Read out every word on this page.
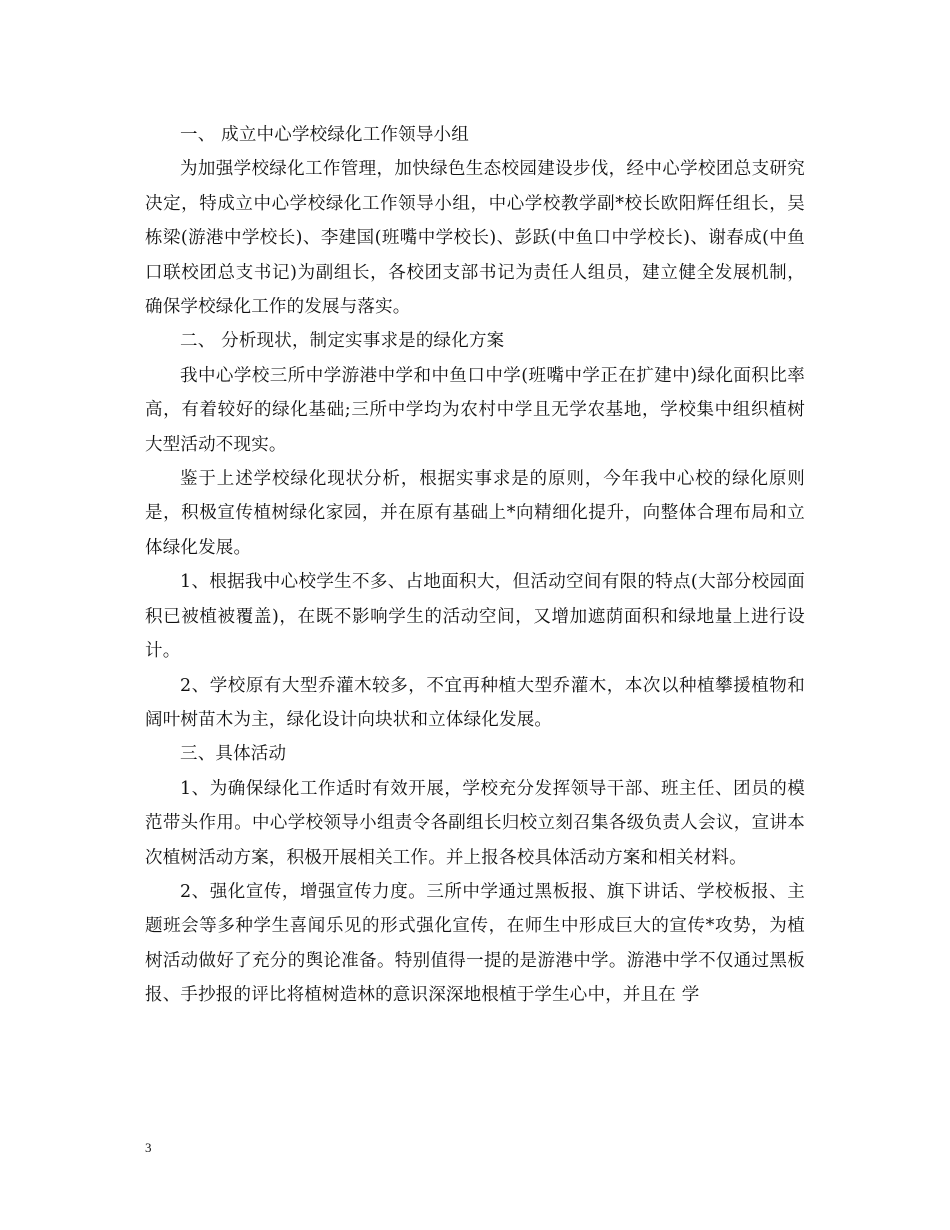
一、 成立中心学校绿化工作领导小组

为加强学校绿化工作管理，加快绿色生态校园建设步伐，经中心学校团总支研究决定，特成立中心学校绿化工作领导小组，中心学校教学副*校长欧阳辉任组长，吴栋梁(游港中学校长)、李建国(班嘴中学校长)、彭跃(中鱼口中学校长)、谢春成(中鱼口联校团总支书记)为副组长，各校团支部书记为责任人组员，建立健全发展机制，确保学校绿化工作的发展与落实。

二、 分析现状，制定实事求是的绿化方案

我中心学校三所中学游港中学和中鱼口中学(班嘴中学正在扩建中)绿化面积比率高，有着较好的绿化基础;三所中学均为农村中学且无学农基地，学校集中组织植树大型活动不现实。

鉴于上述学校绿化现状分析，根据实事求是的原则，今年我中心校的绿化原则是，积极宣传植树绿化家园，并在原有基础上*向精细化提升，向整体合理布局和立体绿化发展。

1、根据我中心校学生不多、占地面积大，但活动空间有限的特点(大部分校园面积已被植被覆盖)，在既不影响学生的活动空间，又增加遮荫面积和绿地量上进行设计。

2、学校原有大型乔灌木较多，不宜再种植大型乔灌木，本次以种植攀援植物和阔叶树苗木为主，绿化设计向块状和立体绿化发展。

三、具体活动

1、为确保绿化工作适时有效开展，学校充分发挥领导干部、班主任、团员的模范带头作用。中心学校领导小组责令各副组长归校立刻召集各级负责人会议，宣讲本次植树活动方案，积极开展相关工作。并上报各校具体活动方案和相关材料。

2、强化宣传，增强宣传力度。三所中学通过黑板报、旗下讲话、学校板报、主题班会等多种学生喜闻乐见的形式强化宣传，在师生中形成巨大的宣传*攻势，为植树活动做好了充分的舆论准备。特别值得一提的是游港中学。游港中学不仅通过黑板报、手抄报的评比将植树造林的意识深深地根植于学生心中，并且在 学

3
